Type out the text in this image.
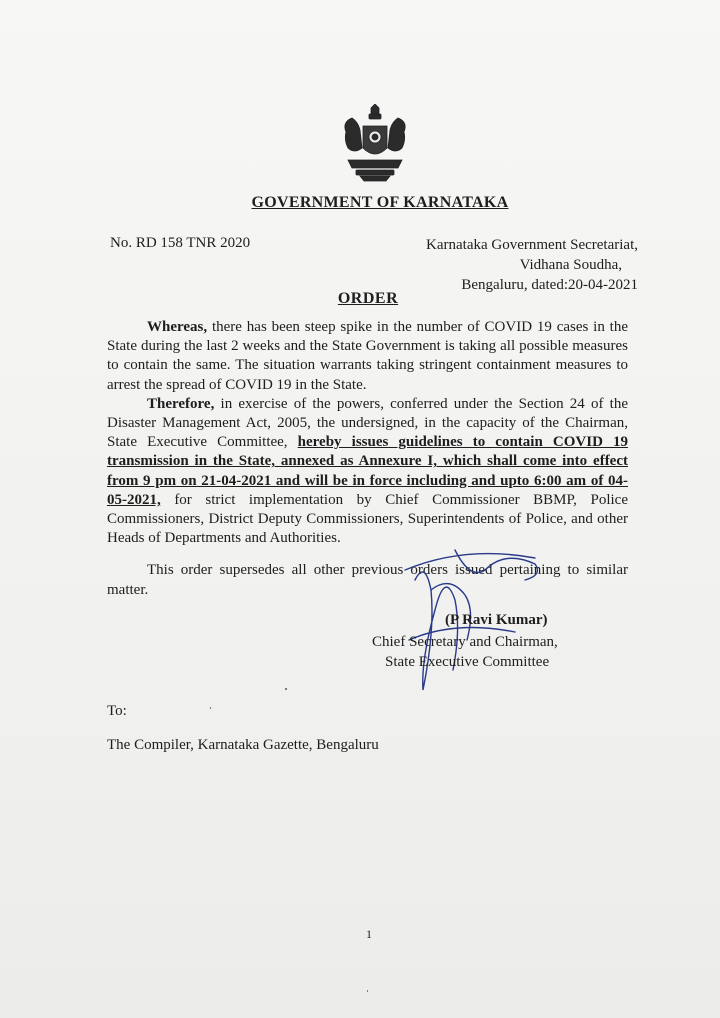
GOVERNMENT OF KARNATAKA
No. RD 158 TNR 2020	Karnataka Government Secretariat,
Vidhana Soudha,
Bengaluru, dated:20-04-2021
ORDER

Whereas, there has been steep spike in the number of COVID 19 cases in the State during the last 2 weeks and the State Government is taking all possible measures to contain the same. The situation warrants taking stringent containment measures to arrest the spread of COVID 19 in the State.

Therefore, in exercise of the powers, conferred under the Section 24 of the Disaster Management Act, 2005, the undersigned, in the capacity of the Chairman, State Executive Committee, hereby issues guidelines to contain COVID 19 transmission in the State, annexed as Annexure I, which shall come into effect from 9 pm on 21-04-2021 and will be in force including and upto 6:00 am of 04-05-2021, for strict implementation by Chief Commissioner BBMP, Police Commissioners, District Deputy Commissioners, Superintendents of Police, and other Heads of Departments and Authorities.

This order supersedes all other previous orders issued pertaining to similar matter.
(P Ravi Kumar)
Chief Secretary and Chairman,
State Executive Committee
To:
The Compiler, Karnataka Gazette, Bengaluru
1
